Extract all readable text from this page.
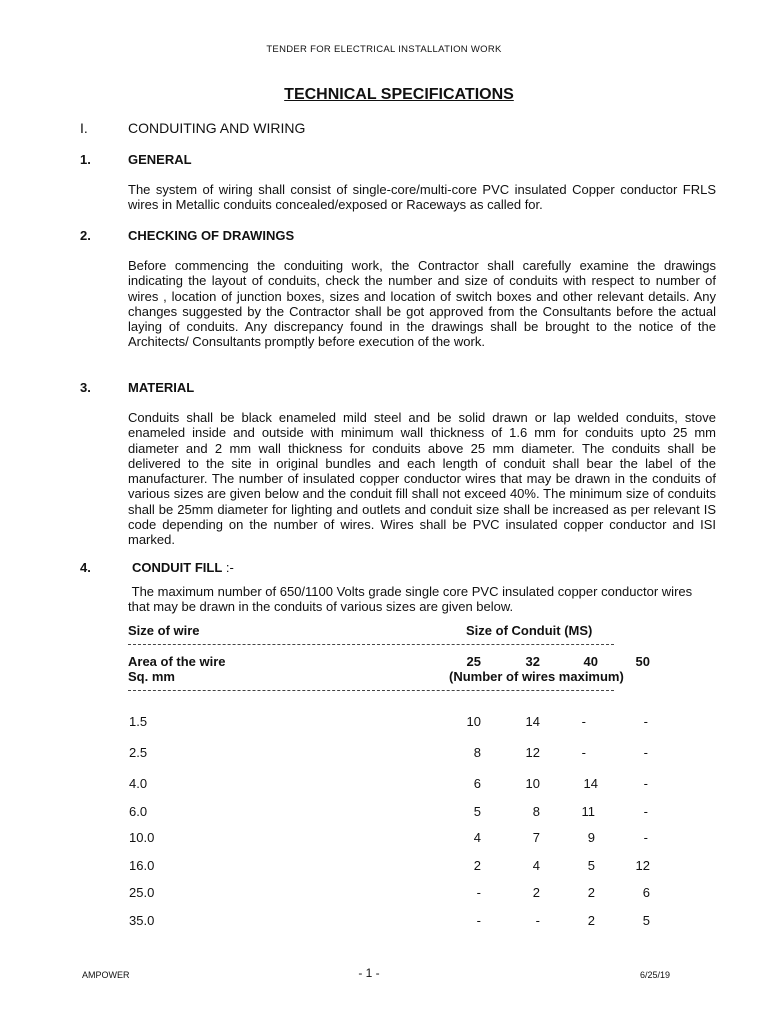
TENDER FOR ELECTRICAL INSTALLATION WORK
TECHNICAL SPECIFICATIONS
I.	CONDUITING AND WIRING
1.	GENERAL
The system of wiring shall consist of single-core/multi-core PVC insulated Copper conductor FRLS wires in Metallic conduits concealed/exposed or Raceways as called for.
2.	CHECKING OF DRAWINGS
Before commencing the conduiting work, the Contractor shall carefully examine the drawings indicating the layout of conduits, check the number and size of conduits with respect to number of wires , location of junction boxes, sizes and location of switch boxes and other relevant details. Any changes suggested by the Contractor shall be got approved from the Consultants before the actual laying of conduits. Any discrepancy found in the drawings shall be brought to the notice of the Architects/ Consultants promptly before execution of the work.
3.	MATERIAL
Conduits shall be black enameled mild steel and be solid drawn or lap welded conduits, stove enameled inside and outside with minimum wall thickness of 1.6 mm for conduits upto 25 mm diameter and 2 mm wall thickness for conduits above 25 mm diameter. The conduits shall be delivered to the site in original bundles and each length of conduit shall bear the label of the manufacturer. The number of insulated copper conductor wires that may be drawn in the conduits of various sizes are given below and the conduit fill shall not exceed 40%. The minimum size of conduits shall be 25mm diameter for lighting and outlets and conduit size shall be increased as per relevant IS code depending on the number of wires. Wires shall be PVC insulated copper conductor and ISI marked.
4.	CONDUIT FILL :-
The maximum number of 650/1100 Volts grade single core PVC insulated copper conductor wires that may be drawn in the conduits of various sizes are given below.
Size of wire	Size of Conduit (MS)
Area of the wire
Sq. mm
25	32	40	50
(Number of wires maximum)
1.5	10	14	-	-
2.5	8	12	-	-
4.0	6	10	14	-
6.0	5	8	11	-
10.0	4	7	9	-
16.0	2	4	5	12
25.0	-	2	2	6
35.0	-	-	2	5
AMPOWER	- 1 -	6/25/19
